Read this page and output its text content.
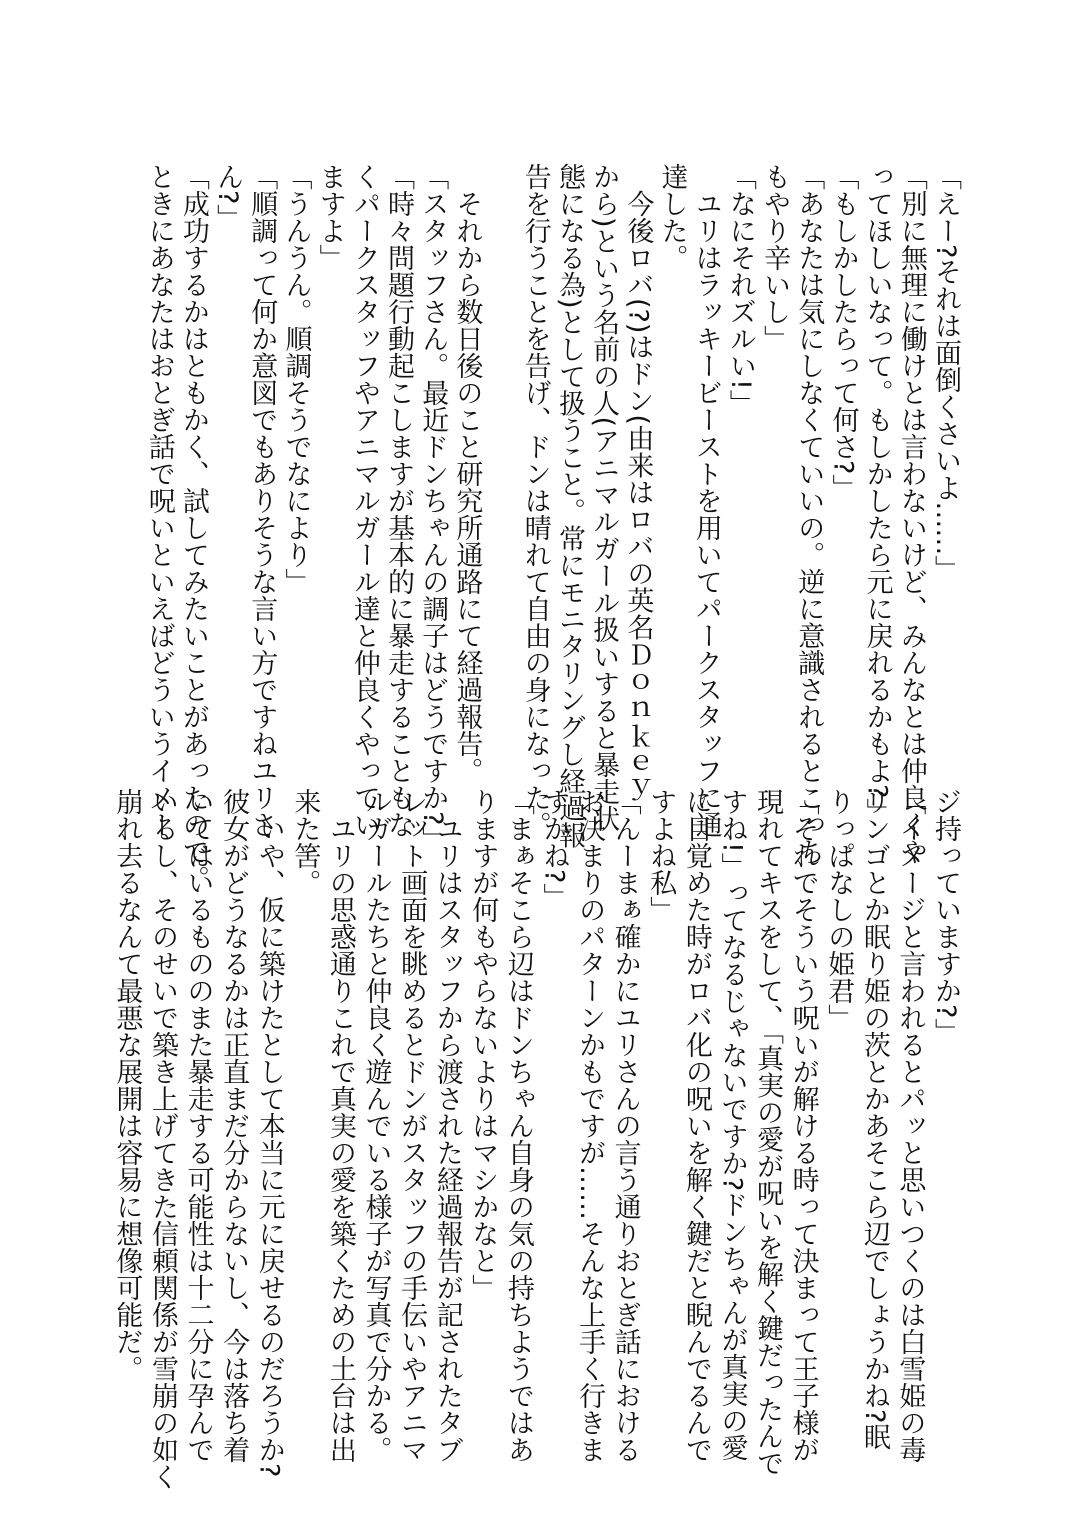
「えー?それは面倒くさいよ……」
「別に無理に働けとは言わないけど、みんなとは仲良くや
ってほしいなって。もしかしたら元に戻れるかもよ?」
「もしかしたらって何さ?」
「あなたは気にしなくていいの。逆に意識されるとこっち
もやり辛いし」
「なにそれズルい!」
　ユリはラッキービーストを用いてパークスタッフに通
達した。
　今後ロバ(?)はドン(由来はロバの英名Ｄｏｎｋｅｙ
から)という名前の人(アニマルガール扱いすると暴走状
態になる為)として扱うこと。常にモニタリングし経過報
告を行うことを告げ、ドンは晴れて自由の身になった。
　それから数日後のこと研究所通路にて経過報告。
「スタッフさん。最近ドンちゃんの調子はどうですか?」
「時々問題行動起こしますが基本的に暴走することもな
くパークスタッフやアニマルガール達と仲良くやってい
ますよ」
「うんうん。順調そうでなにより」
「順調って何か意図でもありそうな言い方ですねユリさ
ん?」
「成功するかはともかく、試してみたいことがあったので。
ときにあなたはおとぎ話で呪いといえばどういうイメー
ジ持っていますか?」
「イメージと言われるとパッと思いつくのは白雪姫の毒
リンゴとか眠り姫の茨とかあそこら辺でしょうかね?眠
りっぱなしの姫君」
「それでそういう呪いが解ける時って決まって王子様が
現れてキスをして、「真実の愛が呪いを解く鍵だったんで
すね!」ってなるじゃないですか?ドンちゃんが真実の愛
に目覚めた時がロバ化の呪いを解く鍵だと睨んでるんで
すよね私」
「んーまぁ確かにユリさんの言う通りおとぎ話における
お決まりのパターンかもですが……そんな上手く行きま
すかね?」
「まぁそこら辺はドンちゃん自身の気の持ちようではあ
りますが何もやらないよりはマシかなと」
　ユリはスタッフから渡された経過報告が記されたタブ
レット画面を眺めるとドンがスタッフの手伝いやアニマ
ルガールたちと仲良く遊んでいる様子が写真で分かる。
　ユリの思惑通りこれで真実の愛を築くための土台は出
来た筈。
　いや、仮に築けたとして本当に元に戻せるのだろうか?
彼女がどうなるかは正直まだ分からないし、今は落ち着
いてはいるもののまた暴走する可能性は十二分に孕んで
いるし、そのせいで築き上げてきた信頼関係が雪崩の如く
崩れ去るなんて最悪な展開は容易に想像可能だ。
